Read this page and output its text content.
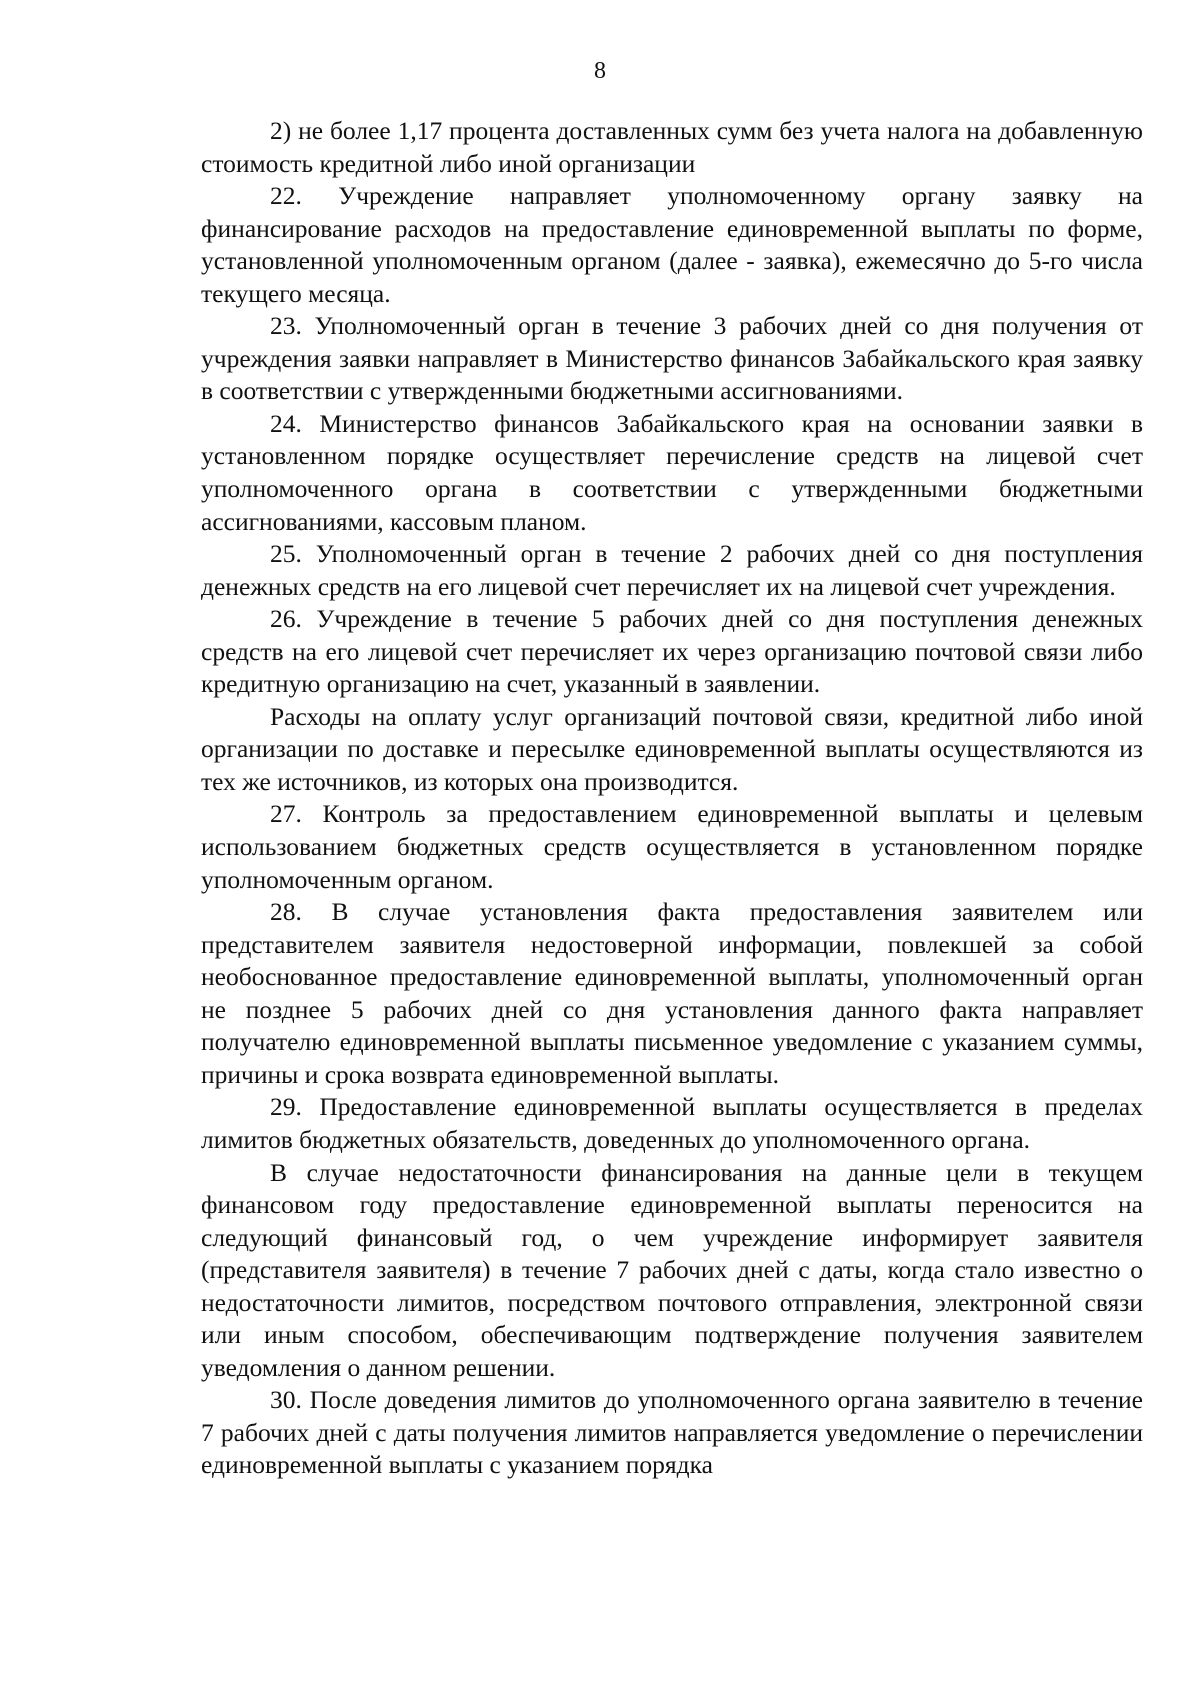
8

2) не более 1,17 процента доставленных сумм без учета налога на добавленную стоимость кредитной либо иной организации

22. Учреждение направляет уполномоченному органу заявку на финансирование расходов на предоставление единовременной выплаты по форме, установленной уполномоченным органом (далее - заявка), ежемесячно до 5-го числа текущего месяца.

23. Уполномоченный орган в течение 3 рабочих дней со дня получения от учреждения заявки направляет в Министерство финансов Забайкальского края заявку в соответствии с утвержденными бюджетными ассигнованиями.

24. Министерство финансов Забайкальского края на основании заявки в установленном порядке осуществляет перечисление средств на лицевой счет уполномоченного органа в соответствии с утвержденными бюджетными ассигнованиями, кассовым планом.

25. Уполномоченный орган в течение 2 рабочих дней со дня поступления денежных средств на его лицевой счет перечисляет их на лицевой счет учреждения.

26. Учреждение в течение 5 рабочих дней со дня поступления денежных средств на его лицевой счет перечисляет их через организацию почтовой связи либо кредитную организацию на счет, указанный в заявлении.

Расходы на оплату услуг организаций почтовой связи, кредитной либо иной организации по доставке и пересылке единовременной выплаты осуществляются из тех же источников, из которых она производится.

27. Контроль за предоставлением единовременной выплаты и целевым использованием бюджетных средств осуществляется в установленном порядке уполномоченным органом.

28. В случае установления факта предоставления заявителем или представителем заявителя недостоверной информации, повлекшей за собой необоснованное предоставление единовременной выплаты, уполномоченный орган не позднее 5 рабочих дней со дня установления данного факта направляет получателю единовременной выплаты письменное уведомление с указанием суммы, причины и срока возврата единовременной выплаты.

29. Предоставление единовременной выплаты осуществляется в пределах лимитов бюджетных обязательств, доведенных до уполномоченного органа.

В случае недостаточности финансирования на данные цели в текущем финансовом году предоставление единовременной выплаты переносится на следующий финансовый год, о чем учреждение информирует заявителя (представителя заявителя) в течение 7 рабочих дней с даты, когда стало известно о недостаточности лимитов, посредством почтового отправления, электронной связи или иным способом, обеспечивающим подтверждение получения заявителем уведомления о данном решении.

30. После доведения лимитов до уполномоченного органа заявителю в течение 7 рабочих дней с даты получения лимитов направляется уведомление о перечислении единовременной выплаты с указанием порядка
